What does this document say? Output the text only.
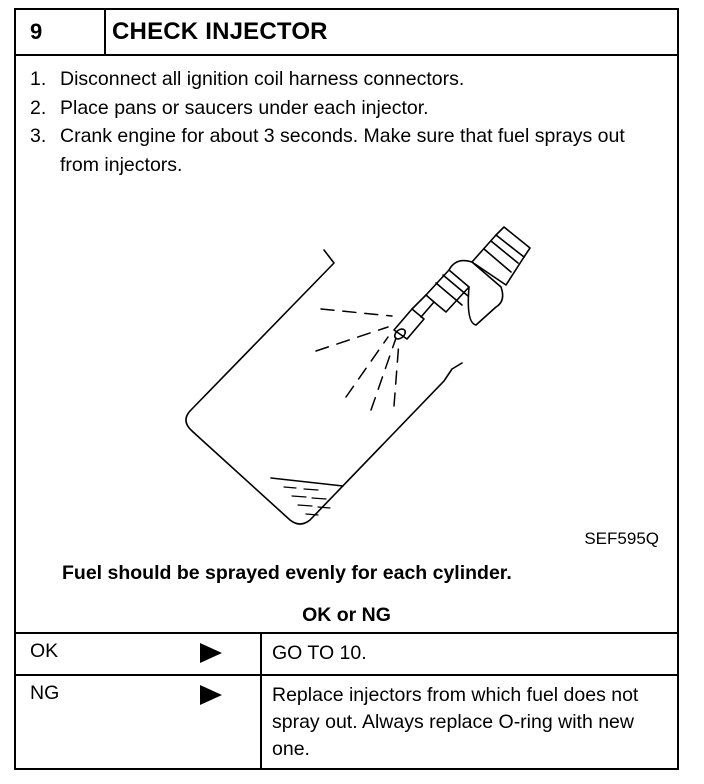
9	CHECK INJECTOR
1. Disconnect all ignition coil harness connectors.
2. Place pans or saucers under each injector.
3. Crank engine for about 3 seconds. Make sure that fuel sprays out from injectors.
SEF595Q
Fuel should be sprayed evenly for each cylinder.
OK or NG
OK	GO TO 10.
NG	Replace injectors from which fuel does not spray out. Always replace O-ring with new one.
